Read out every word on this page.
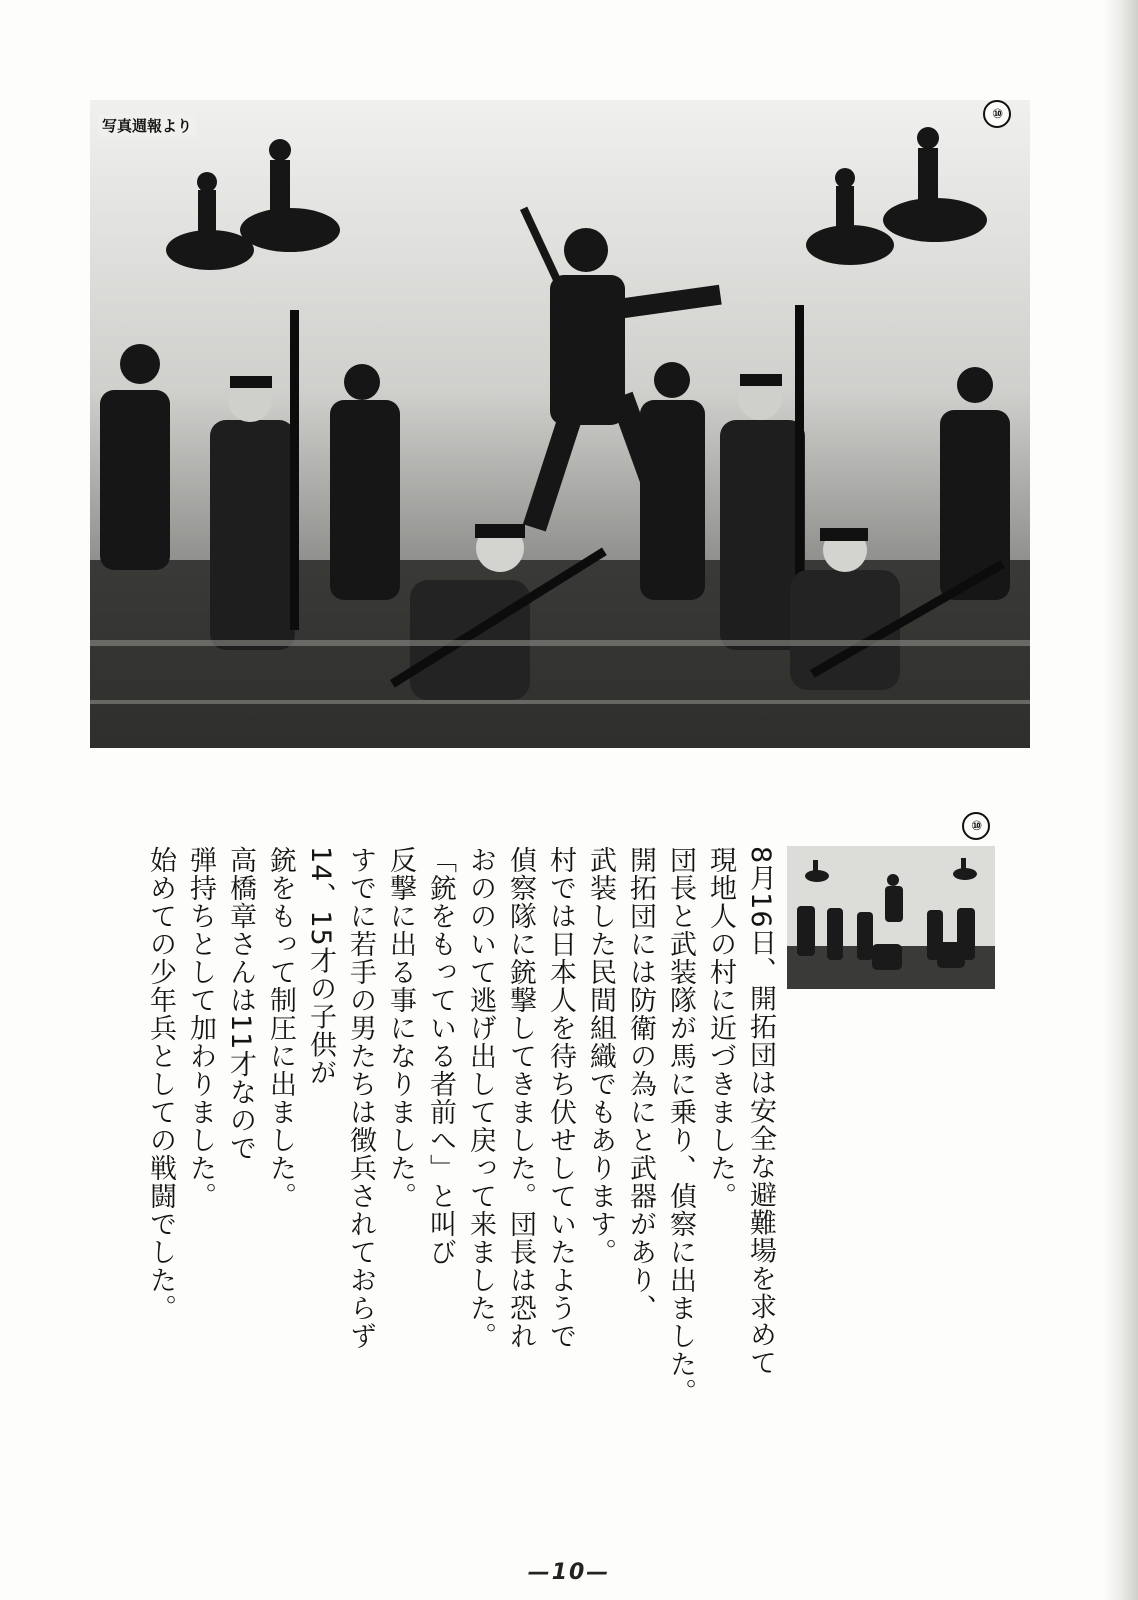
写真週報より
⑩
⑩

8月16日、開拓団は安全な避難場を求めて

現地人の村に近づきました。

団長と武装隊が馬に乗り、偵察に出ました。

開拓団には防衛の為にと武器があり、

武装した民間組織でもあります。

村では日本人を待ち伏せしていたようで

偵察隊に銃撃してきました。団長は恐れ

おののいて逃げ出して戻って来ました。

「銃をもっている者前へ」と叫び

反撃に出る事になりました。

すでに若手の男たちは徴兵されておらず

14、15才の子供が

銃をもって制圧に出ました。

高橋章さんは11才なので

弾持ちとして加わりました。

始めての少年兵としての戦闘でした。

—10—
